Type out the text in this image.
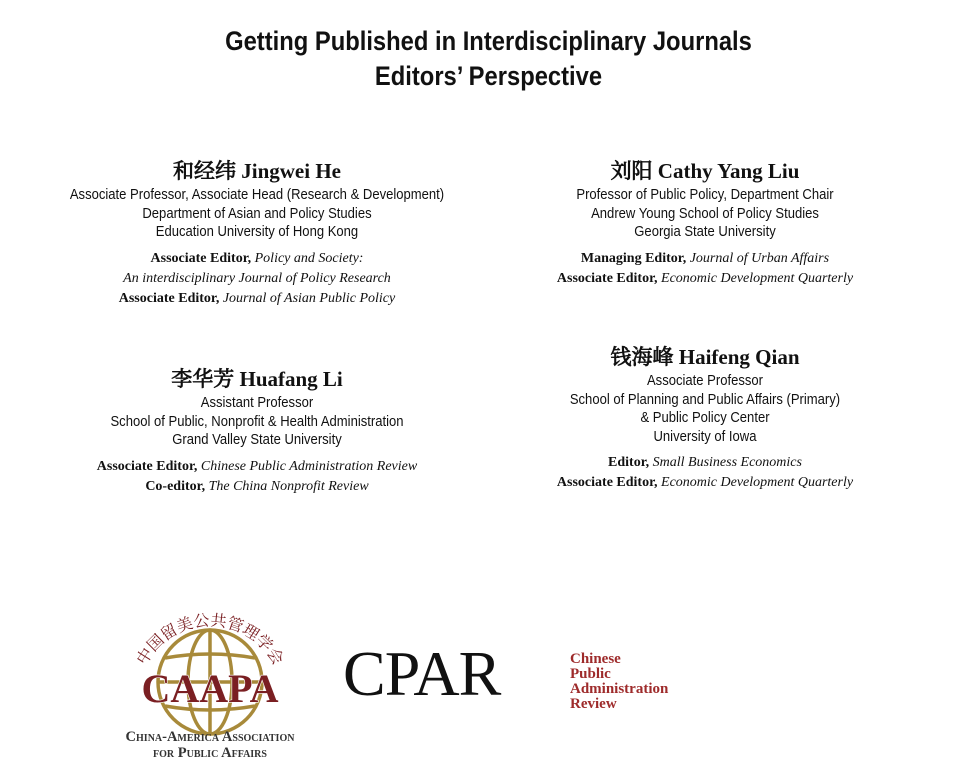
Getting Published in Interdisciplinary Journals
Editors’ Perspective
和经纬 Jingwei He
Associate Professor, Associate Head (Research & Development)
Department of Asian and Policy Studies
Education University of Hong Kong
Associate Editor, Policy and Society:
An interdisciplinary Journal of Policy Research
Associate Editor, Journal of Asian Public Policy
刘阳 Cathy Yang Liu
Professor of Public Policy, Department Chair
Andrew Young School of Policy Studies
Georgia State University
Managing Editor, Journal of Urban Affairs
Associate Editor, Economic Development Quarterly
李华芳 Huafang Li
Assistant Professor
School of Public, Nonprofit & Health Administration
Grand Valley State University
Associate Editor, Chinese Public Administration Review
Co-editor, The China Nonprofit Review
钱海峰 Haifeng Qian
Associate Professor
School of Planning and Public Affairs (Primary)
& Public Policy Center
University of Iowa
Editor, Small Business Economics
Associate Editor, Economic Development Quarterly
中国留美公共管理学会
CAAPA
China-America Association
for Public Affairs
CPAR	Chinese
Public
Administration
Review
